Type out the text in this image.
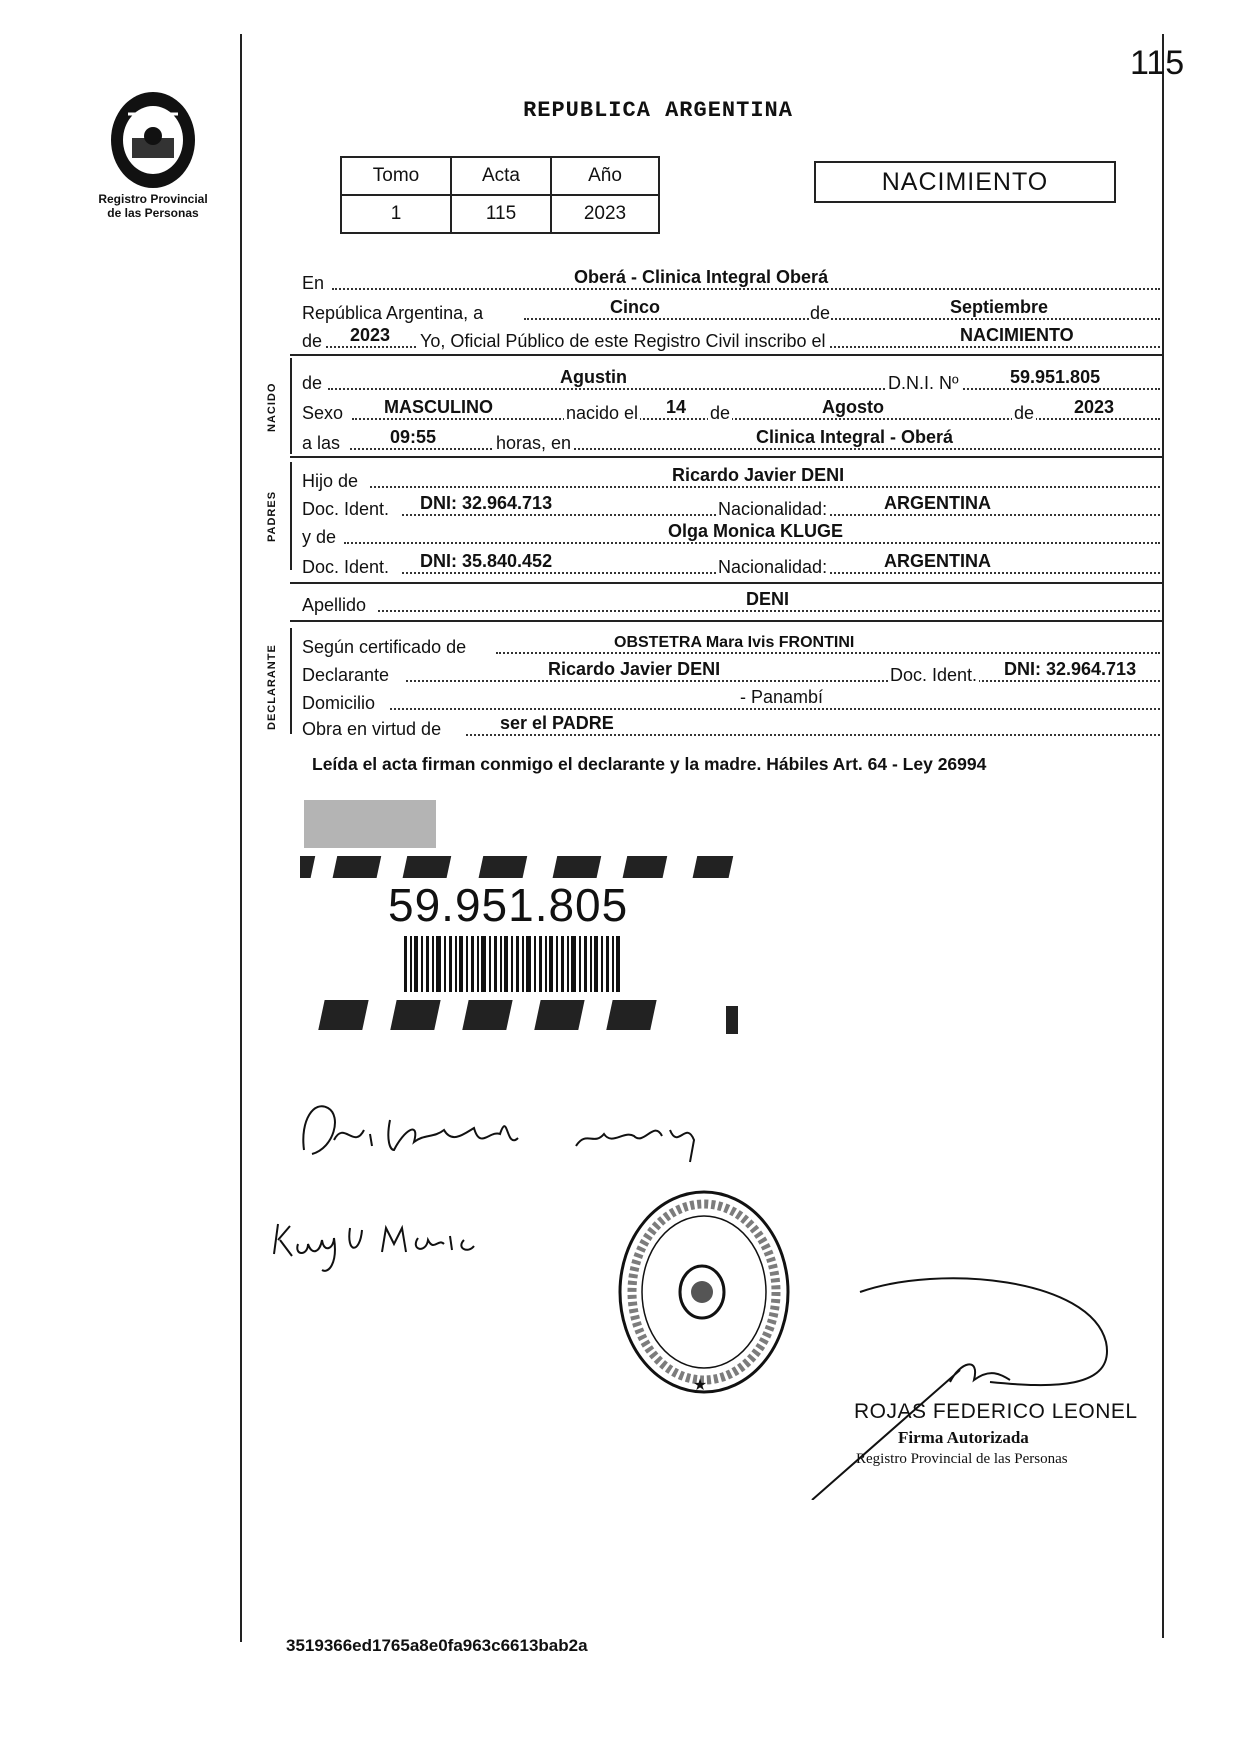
115
Registro Provincial
de las Personas
REPUBLICA ARGENTINA
Tomo	Acta	Año
1	115	2023
NACIMIENTO
En	Oberá - Clinica Integral Oberá
República Argentina, a	Cinco	de	Septiembre
de 2023 Yo, Oficial Público de este Registro Civil inscribo el	NACIMIENTO
NACIDO de	Agustin	D.N.I. Nº	59.951.805
Sexo MASCULINO	nacido el 14 de	Agosto	de 2023
a las	09:55	horas, en	Clinica Integral - Oberá
PADRES
Hijo de	Ricardo Javier DENI
Doc. Ident. DNI: 32.964.713	Nacionalidad:	ARGENTINA
y de	Olga Monica KLUGE
Doc. Ident. DNI: 35.840.452	Nacionalidad:	ARGENTINA
Apellido	DENI
DECLARANTE Según certificado de	OBSTETRA Mara Ivis FRONTINI
Declarante	Ricardo Javier DENI	Doc. Ident. DNI: 32.964.713
Domicilio	- Panambí
Obra en virtud de	ser el PADRE
Leída el acta firman conmigo el declarante y la madre. Hábiles Art. 64 - Ley 26994
59.951.805
★
ROJAS FEDERICO LEONEL
Firma Autorizada
Registro Provincial de las Personas
3519366ed1765a8e0fa963c6613bab2a
